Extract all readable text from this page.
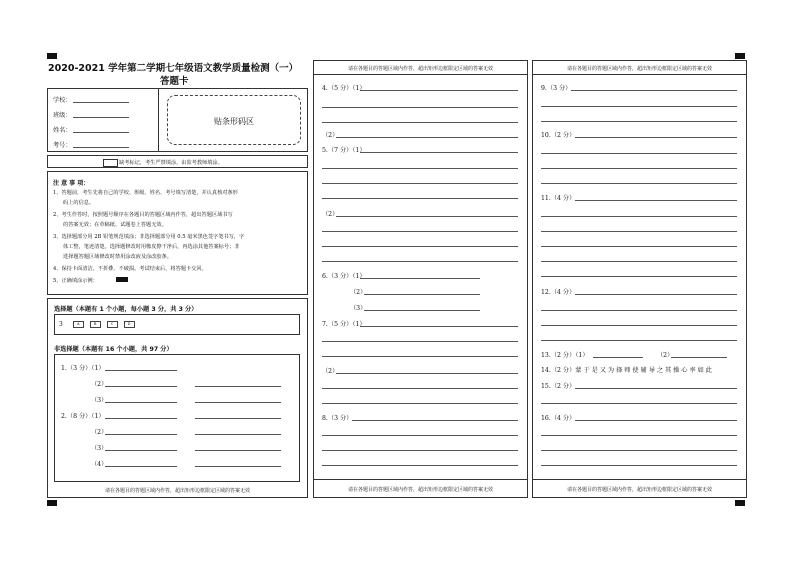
2020-2021 学年第二学期七年级语文教学质量检测（一）
答题卡
学校：
班级：
姓名：
考号：
贴条形码区
缺考标记，考生严禁填涂，由监考教师填涂。
注 意 事 项：
1、答题前，考生先将自己的学校、班级、姓名、考号填写清楚，并认真核对条形
码上的信息。
2、考生作答时，按照题号顺序在各题目的答题区域内作答，超出答题区域书写
的答案无效；在草稿纸、试题卷上答题无效。
3、选择题部分用 2B 铅笔规范填涂；非选择题部分用 0.5 毫米黑色签字笔书写，字
体工整，笔迹清楚。选择题修改时用橡皮擦干净后，再选涂其他答案标号；非
选择题答题区域修改时禁用涂改液及涂改胶条。
4、保持卡面清洁，不折叠、不破损。考试结束后，将答题卡交回。
5、正确填涂示例：
选择题（本题有 1 个小题，每小题 3 分，共 3 分）
3	A	B	C	D
非选择题（本题有 16 个小题，共 97 分）
1.（3 分）（1）
（2）
（3）
2.（8 分）（1）
（2）
（3）
（4）
请在各题目的答题区域内作答，超出矩形边框限定区域的答案无效
请在各题目的答题区域内作答，超出矩形边框限定区域的答案无效
4.（5 分）（1）
（2）
5.（7 分）（1）
（2）
6.（3 分）（1）
（2）
（3）
7.（5 分）（1）
（2）
8.（3 分）
请在各题目的答题区域内作答，超出矩形边框限定区域的答案无效
请在各题目的答题区域内作答，超出矩形边框限定区域的答案无效
9.（3 分）
10.（2 分）
11.（4 分）
12.（4 分）
13.（2 分）（1）	（2）
14.（2 分）蒙 于 是 又 为 择 师 使 辅 导 之 其 操 心 率 如 此
15.（2 分）
16.（4 分）
请在各题目的答题区域内作答，超出矩形边框限定区域的答案无效
